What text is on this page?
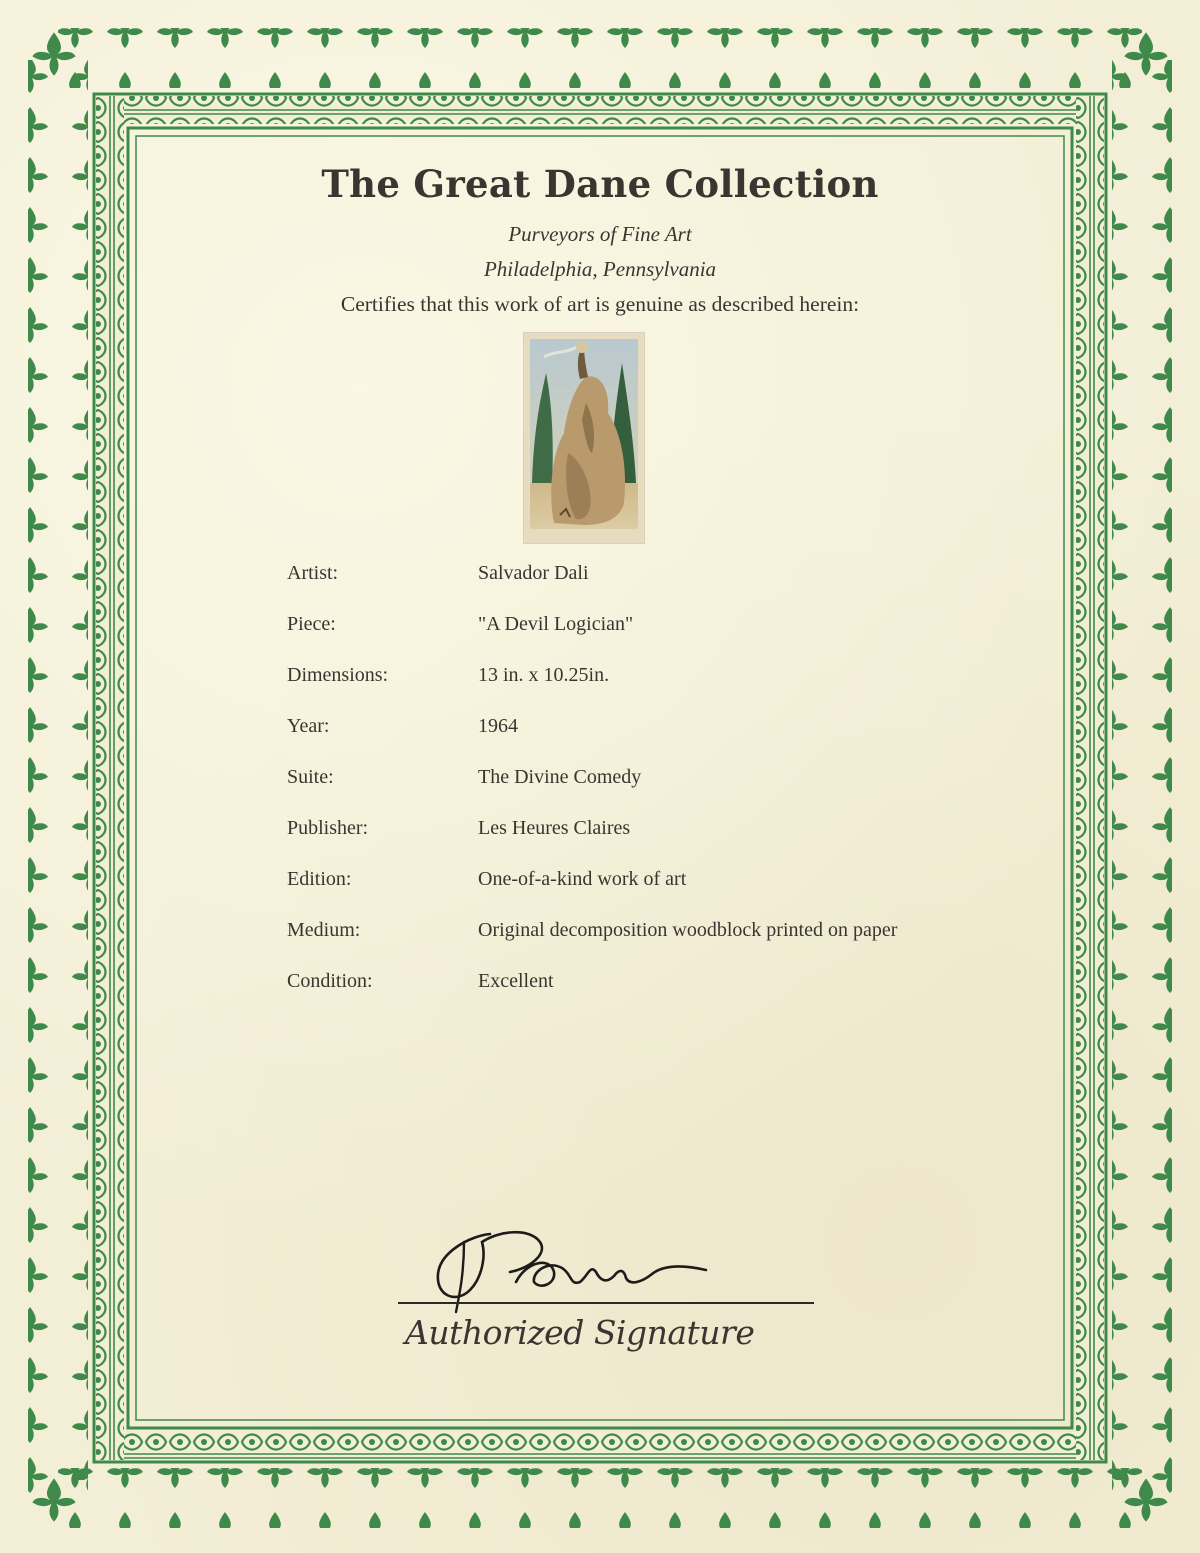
The Great Dane Collection
Purveyors of Fine Art
Philadelphia, Pennsylvania
Certifies that this work of art is genuine as described herein:
Artist:	Salvador Dali
Piece:	"A Devil Logician"
Dimensions:	13 in. x 10.25in.
Year:	1964
Suite:	The Divine Comedy
Publisher:	Les Heures Claires
Edition:	One-of-a-kind work of art
Medium:	Original decomposition woodblock printed on paper
Condition:	Excellent
Authorized Signature
